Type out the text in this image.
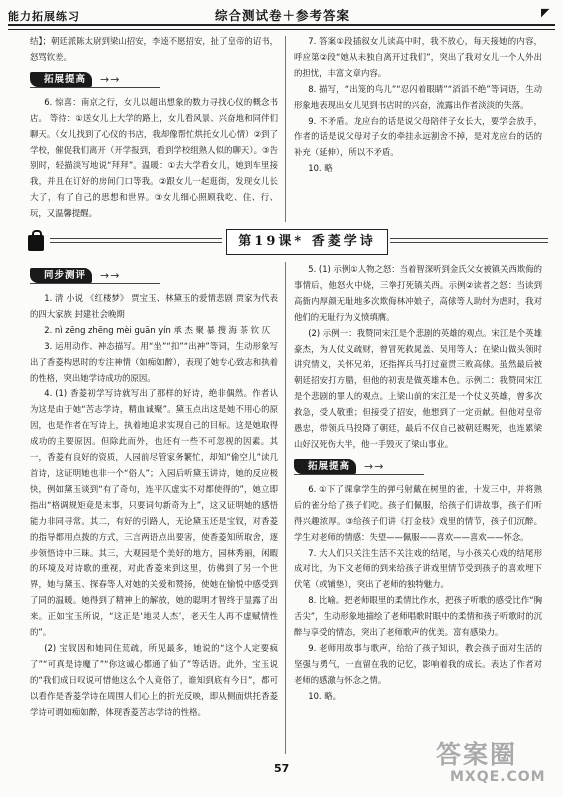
能力拓展练习	综合测试卷＋参考答案	◤

结】；朝廷派陈太尉到梁山招安，李逵不愿招安，扯了皇帝的诏书，怒骂钦差。

拓展提高	→→

6. 惊喜：南京之行，女儿以超出想象的数力寻找心仪的概念书店。 等待：①送女儿上大学的路上，女儿看风景、兴奋地和同伴们聊天。（女儿找到了心仪的书店，我却像帮忙烘托女儿心情）②到了学校，催促我们离开（开学报到，看到学校组熟人似的聊天）。③告别时，轻描淡写地说“拜拜”。温暖：①去大学看女儿，她到车里接我，并且在订好的房间门口等我。②跟女儿一起逛街，发现女儿长大了，有了自己的思想和世界。③女儿细心照顾我吃、住、行、玩，又温馨提醒。

7. 答案①段插叙女儿读高中时，我不放心，每天接她的内容，呼应第②段“她从未独自离开过我们”，突出了我对女儿一个人外出的担忧，丰富文章内容。

8. 描写，“出笼的鸟儿”“忍闪着眼睛”“滔滔不绝”等词语，生动形象地表现出女儿见到书店时的兴奋，流露出作者淡淡的失落。

9. 不矛盾。龙应台的话是说父母陪伴子女长大，要学会放手，作者的话是说父母对子女的牵挂永远割舍不掉，是对龙应台的话的补充（延伸），所以不矛盾。

10. 略

第19课* 香菱学诗
同步测评	→→

1. 清 小说 《红楼梦》 贾宝玉、林黛玉的爱情悲剧 贾家为代表的四大家族 封建社会晚期

2. nì zēng zhēng mèi guān yín 承 杰 聚 暴 搜 海 茶 钦 仄

3. 运用动作、神态描写。用“坐”“扣”“出神”等词，生动形象写出了香菱构思时的专注神情（如痴如醉），表现了她专心致志和执着的性格，突出她学诗成功的原因。

4. (1) 香菱初学写诗就写出了那样的好诗，绝非偶然。作者认为这是由于她“苦志学诗，精血诚聚”。黛玉点出这是她不用心的原因，也是作者在写诗上，执着地追求实现自己的目标。这是她取得成功的主要原因。但除此而外，也还有一些不可忽视的因素。其一，香菱有良好的资质，人园前尽管家务繁忙，却知“偷空儿”读几首诗，这证明她也非一个“俗人”；入园后听黛玉讲诗，她的反应极快，例如黛玉谈到“有了奇句，连平仄虚实不对都使得的”，她立即指出“格调规矩竟是末事，只要词句新奇为上”，这又证明她的感悟能力非同寻常。其二，有好的引路人，无论黛玉还是宝钗，对香菱的指导都用点拨的方式，三言两语点出要害，使香菱知所取舍，逐步领悟诗中三昧。其三，大观园是个美好的地方，园林秀丽，闲暇的环境及对诗歌的重视，对此香菱来到这里，仿佛到了另一个世界，她与黛玉、探春等人对她的关爱和赞扬，使她在愉悦中感受到了同的温暖。她得到了精神上的解放，她的聪明才智终于显露了出来。正如宝玉所说，“这正是‘地灵人杰’，老天生人再不虚赋情性的”。

(2) 宝钗因和她同住荒疏，所见最多，她说的“这个人定要疯了”“可真是诗魔了”“你这诚心都通了仙了”等话语。此外，宝玉说的“我们成日叹说可惜他这么个人竟俗了，谁知到底有今日”，都可以看作是香菱学诗在周围人们心上的折光反映，即从侧面烘托香菱学诗可谓如痴如醉，体现香菱苦志学诗的性格。

5. (1) 示例①人物之怒：当着智深听到金氏父女被镇关西欺侮的事情后，他怒火中烧，三拳打死镇关西。示例②读者之怒：当读到高衙内厚颜无耻地多次欺侮林冲娘子，高俅等人助纣为虐时，我对他们的无耻行为义愤填膺。

(2) 示例一：我赞同宋江是个悲剧的英雄的观点。宋江是个英雄豪杰，为人仗义疏财，曾冒死救晁盖、吴用等人；在梁山做头领时讲究情义，关怀兄弟，还指挥兵马打过童贯三败高俅。虽然最后被朝廷招安打方腊，但他的初衷是做英雄本色。示例二：我赞同宋江是个悲剧的罪人的观点。上梁山前的宋江是一个仗义英雄，曾多次救急，受人敬重；但接受了招安，他想到了一定贡献。但他对皇帝愚忠，带领兵马投降了朝廷，最后不仅自己被朝廷赐死，也连累梁山好汉死伤大半，他一手毁灭了梁山事业。

拓展提高	→→

6. ①下了课拿学生的弹弓射戴在树里的雀，十发三中，并将熟后的雀分给了孩子们吃。孩子们佩服，给孩子们讲故事，孩子们听得兴趣浓厚。③给孩子们讲《打金枝》戏里的情节，孩子们沉醉。学生对老师的情感：失望——佩服——喜欢——喜欢——怀念。

7. 大人们只关注生活不关注戏的结尾，与小孩关心戏的结尾形成对比，为下文老师的到来给孩子讲戏里情节受到孩子的喜欢埋下伏笔（或铺垫），突出了老师的独特魅力。

8. 比喻。把老师眼里的柔情比作水，把孩子听歌的感受比作“胸舌尖”，生动形象地描绘了老师唱歌时眼中的柔情和孩子听歌时的沉醉与享受的情态，突出了老师歌声的优美。富有感染力。

9. 老师用故事与歌声，给给了孩子知识，教会孩子面对生活的坚强与勇气，一直留在我的记忆，影响着我的成长。表达了作者对老师的感激与怀念之情。

10. 略。

57	答案圈
MXQE.COM
